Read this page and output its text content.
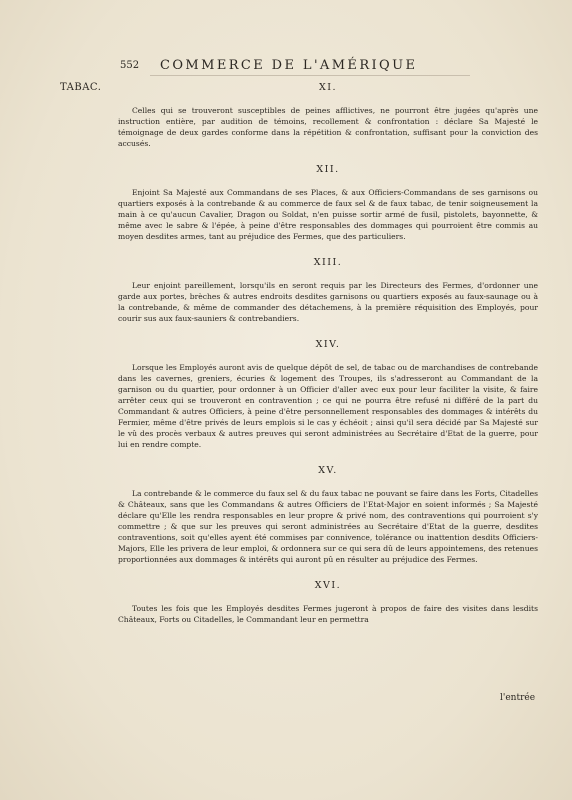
552 COMMERCE DE L'AMÉRIQUE
TABAC.	XI.

Celles qui se trouveront susceptibles de peines afflictives, ne pourront être jugées qu'après une instruction entière, par audition de témoins, recollement & confrontation : déclare Sa Majesté le témoignage de deux gardes conforme dans la répétition & confrontation, suffisant pour la conviction des accusés.

XII.

Enjoint Sa Majesté aux Commandans de ses Places, & aux Officiers-Commandans de ses garnisons ou quartiers exposés à la contrebande & au commerce de faux sel & de faux tabac, de tenir soigneusement la main à ce qu'aucun Cavalier, Dragon ou Soldat, n'en puisse sortir armé de fusil, pistolets, bayonnette, & même avec le sabre & l'épée, à peine d'être responsables des dommages qui pourroient être commis au moyen desdites armes, tant au préjudice des Fermes, que des particuliers.

XIII.

Leur enjoint pareillement, lorsqu'ils en seront requis par les Directeurs des Fermes, d'ordonner une garde aux portes, brèches & autres endroits desdites garnisons ou quartiers exposés au faux-saunage ou à la contrebande, & même de commander des détachemens, à la première réquisition des Employés, pour courir sus aux faux-sauniers & contrebandiers.

XIV.

Lorsque les Employés auront avis de quelque dépôt de sel, de tabac ou de marchandises de contrebande dans les cavernes, greniers, écuries & logement des Troupes, ils s'adresseront au Commandant de la garnison ou du quartier, pour ordonner à un Officier d'aller avec eux pour leur faciliter la visite, & faire arrêter ceux qui se trouveront en contravention ; ce qui ne pourra être refusé ni différé de la part du Commandant & autres Officiers, à peine d'être personnellement responsables des dommages & intérêts du Fermier, même d'être privés de leurs emplois si le cas y échéoit ; ainsi qu'il sera décidé par Sa Majesté sur le vû des procès verbaux & autres preuves qui seront administrées au Secrétaire d'Etat de la guerre, pour lui en rendre compte.

XV.

La contrebande & le commerce du faux sel & du faux tabac ne pouvant se faire dans les Forts, Citadelles & Châteaux, sans que les Commandans & autres Officiers de l'Etat-Major en soient informés ; Sa Majesté déclare qu'Elle les rendra responsables en leur propre & privé nom, des contraventions qui pourroient s'y commettre ; & que sur les preuves qui seront administrées au Secrétaire d'Etat de la guerre, desdites contraventions, soit qu'elles ayent été commises par connivence, tolérance ou inattention desdits Officiers-Majors, Elle les privera de leur emploi, & ordonnera sur ce qui sera dû de leurs appointemens, des retenues proportionnées aux dommages & intérêts qui auront pû en résulter au préjudice des Fermes.

XVI.

Toutes les fois que les Employés desdites Fermes jugeront à propos de faire des visites dans lesdits Châteaux, Forts ou Citadelles, le Commandant leur en permettra

l'entrée
